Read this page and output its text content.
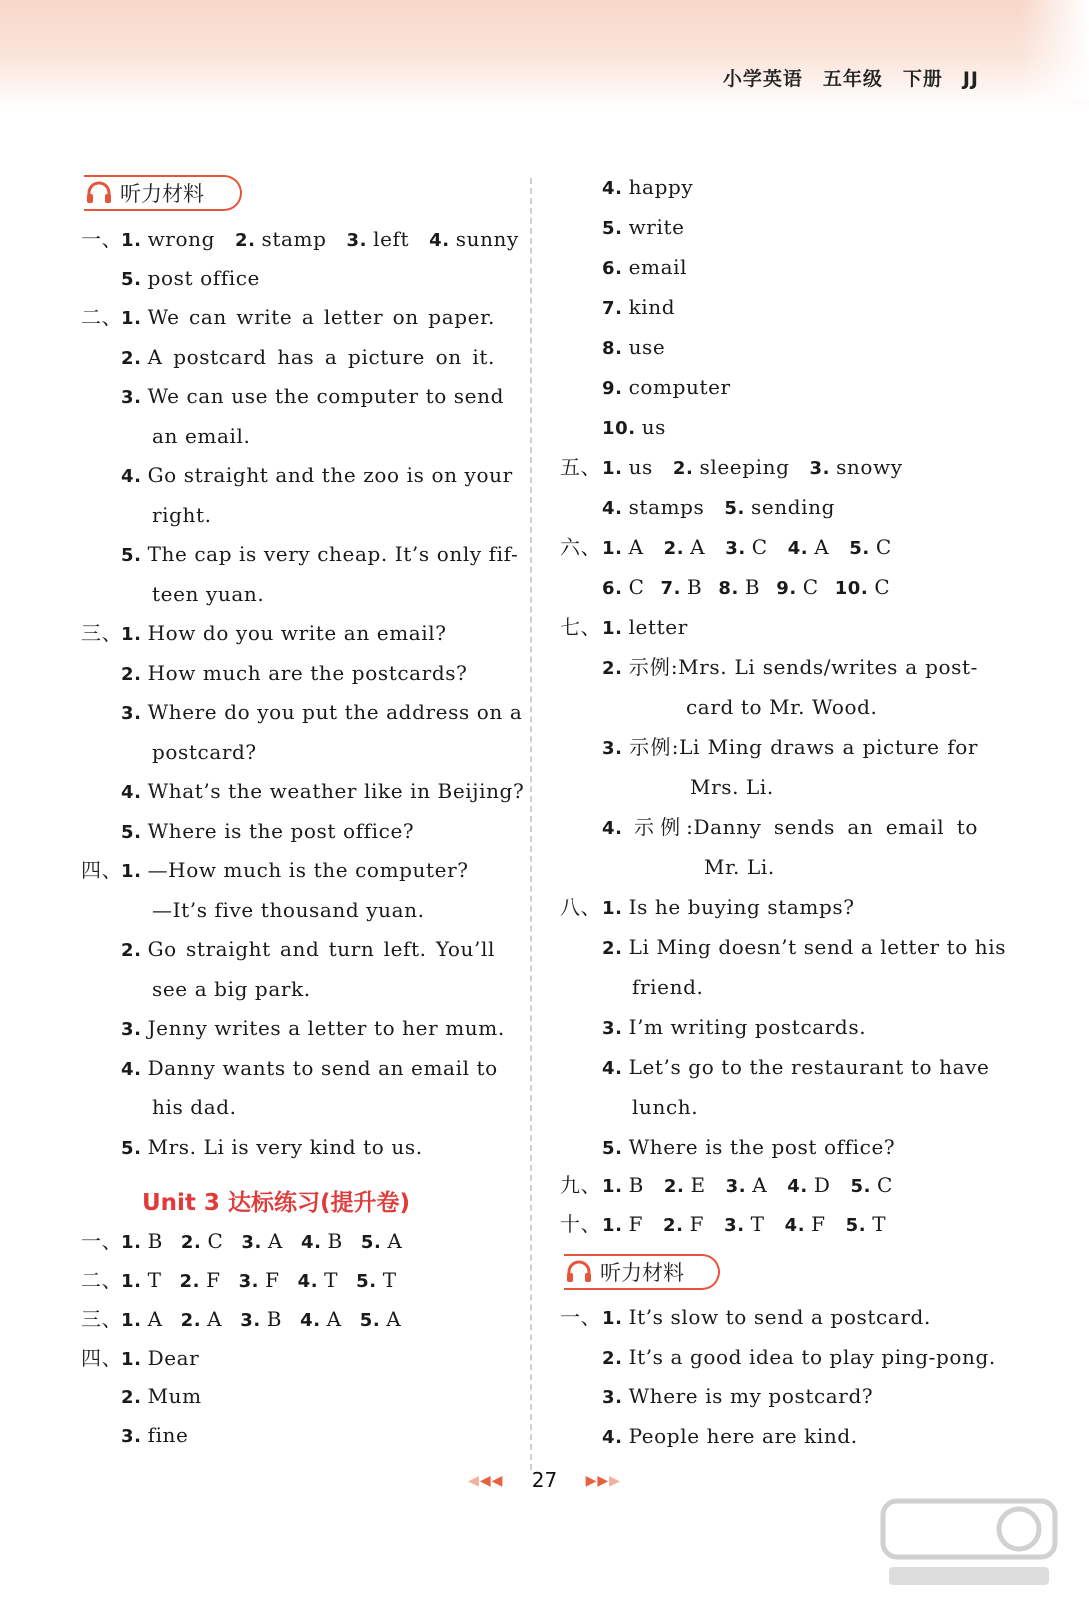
小学英语 五年级 下册 JJ
听力材料
一、
1. wrong 2. stamp 3. left 4. sunny
5. post office
二、
1. We can write a letter on paper.
2. A postcard has a picture on it.
3. We can use the computer to send
an email.
4. Go straight and the zoo is on your
right.
5. The cap is very cheap. It’s only fif-
teen yuan.
三、
1. How do you write an email?
2. How much are the postcards?
3. Where do you put the address on a
postcard?
4. What’s the weather like in Beijing?
5. Where is the post office?
四、
1. —How much is the computer?
—It’s five thousand yuan.
2. Go straight and turn left. You’ll
see a big park.
3. Jenny writes a letter to her mum.
4. Danny wants to send an email to
his dad.
5. Mrs. Li is very kind to us.
一、
1. B 2. C 3. A 4. B 5. A
二、
1. T 2. F 3. F 4. T 5. T
三、
1. A 2. A 3. B 4. A 5. A
四、
1. Dear
2. Mum
3. fine
Unit 3 达标练习(提升卷)
4. happy
5. write
6. email
7. kind
8. use
9. computer
10. us
五、 1. us 2. sleeping 3. snowy
4. stamps 5. sending
六、 1. A 2. A 3. C 4. A 5. C
6. C 7. B 8. B 9. C 10. C
七、 1. letter
2. 示例:Mrs. Li sends/writes a post-
card to Mr. Wood.
3. 示例:Li Ming draws a picture for
Mrs. Li.
4. 示例:Danny sends an email to
Mr. Li.
八、 1. Is he buying stamps?
2. Li Ming doesn’t send a letter to his
friend.
3. I’m writing postcards.
4. Let’s go to the restaurant to have
lunch.
5. Where is the post office?
九、 1. B 2. E 3. A 4. D 5. C
十、 1. F 2. F 3. T 4. F 5. T
一、 1. It’s slow to send a postcard.
2. It’s a good idea to play ping-pong.
3. Where is my postcard?
4. People here are kind.
听力材料
◀◀◀ 27 ▶▶▶
